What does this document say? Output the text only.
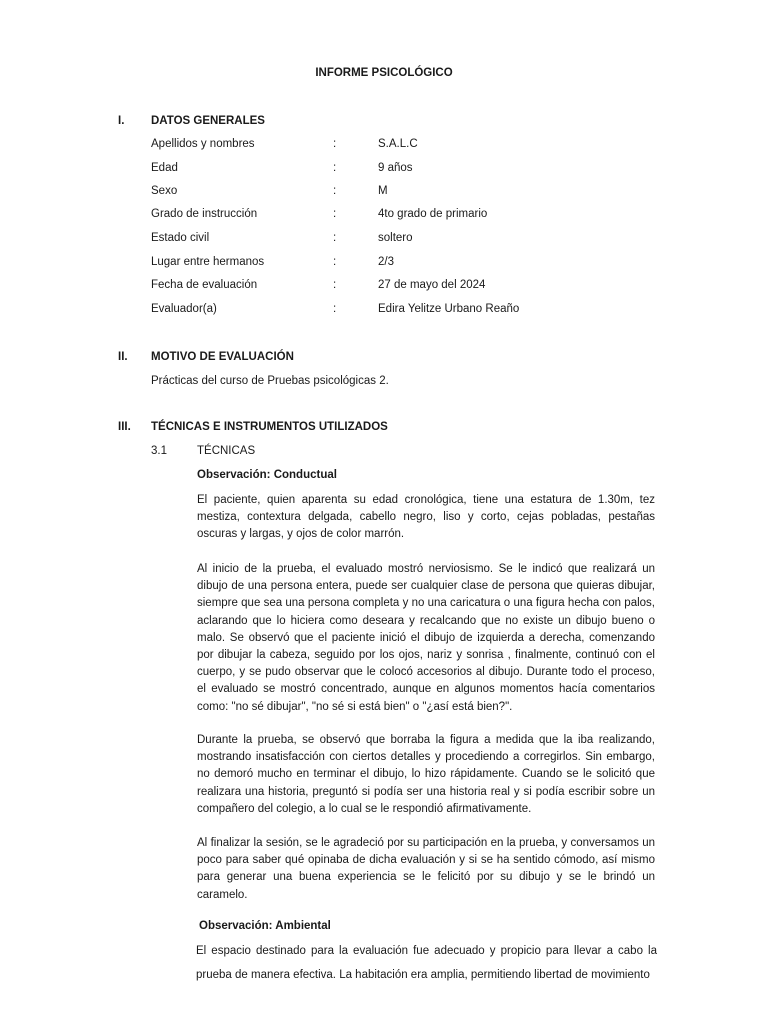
INFORME PSICOLÓGICO
I. DATOS GENERALES
Apellidos y nombres	:	S.A.L.C
Edad	:	9 años
Sexo	:	M
Grado de instrucción	:	4to grado de primario
Estado civil	:	soltero
Lugar entre hermanos	:	2/3
Fecha de evaluación	:	27 de mayo del 2024
Evaluador(a)	:	Edira Yelitze Urbano Reaño
II. MOTIVO DE EVALUACIÓN
Prácticas del curso de Pruebas psicológicas 2.
III. TÉCNICAS E INSTRUMENTOS UTILIZADOS
3.1	TÉCNICAS
Observación: Conductual

El paciente, quien aparenta su edad cronológica, tiene una estatura de 1.30m, tez mestiza, contextura delgada, cabello negro, liso y corto, cejas pobladas, pestañas oscuras y largas, y ojos de color marrón.

Al inicio de la prueba, el evaluado mostró nerviosismo. Se le indicó que realizará un dibujo de una persona entera, puede ser cualquier clase de persona que quieras dibujar, siempre que sea una persona completa y no una caricatura o una figura hecha con palos, aclarando que lo hiciera como deseara y recalcando que no existe un dibujo bueno o malo. Se observó que el paciente inició el dibujo de izquierda a derecha, comenzando por dibujar la cabeza, seguido por los ojos, nariz y sonrisa , finalmente, continuó con el cuerpo, y se pudo observar que le colocó accesorios al dibujo. Durante todo el proceso, el evaluado se mostró concentrado, aunque en algunos momentos hacía comentarios como: "no sé dibujar", "no sé si está bien" o "¿así está bien?".

Durante la prueba, se observó que borraba la figura a medida que la iba realizando, mostrando insatisfacción con ciertos detalles y procediendo a corregirlos. Sin embargo, no demoró mucho en terminar el dibujo, lo hizo rápidamente. Cuando se le solicitó que realizara una historia, preguntó si podía ser una historia real y si podía escribir sobre un compañero del colegio, a lo cual se le respondió afirmativamente.

Al finalizar la sesión, se le agradeció por su participación en la prueba, y conversamos un poco para saber qué opinaba de dicha evaluación y si se ha sentido cómodo, así mismo para generar una buena experiencia se le felicitó por su dibujo y se le brindó un caramelo.

Observación: Ambiental

El espacio destinado para la evaluación fue adecuado y propicio para llevar a cabo la prueba de manera efectiva. La habitación era amplia, permitiendo libertad de movimiento
